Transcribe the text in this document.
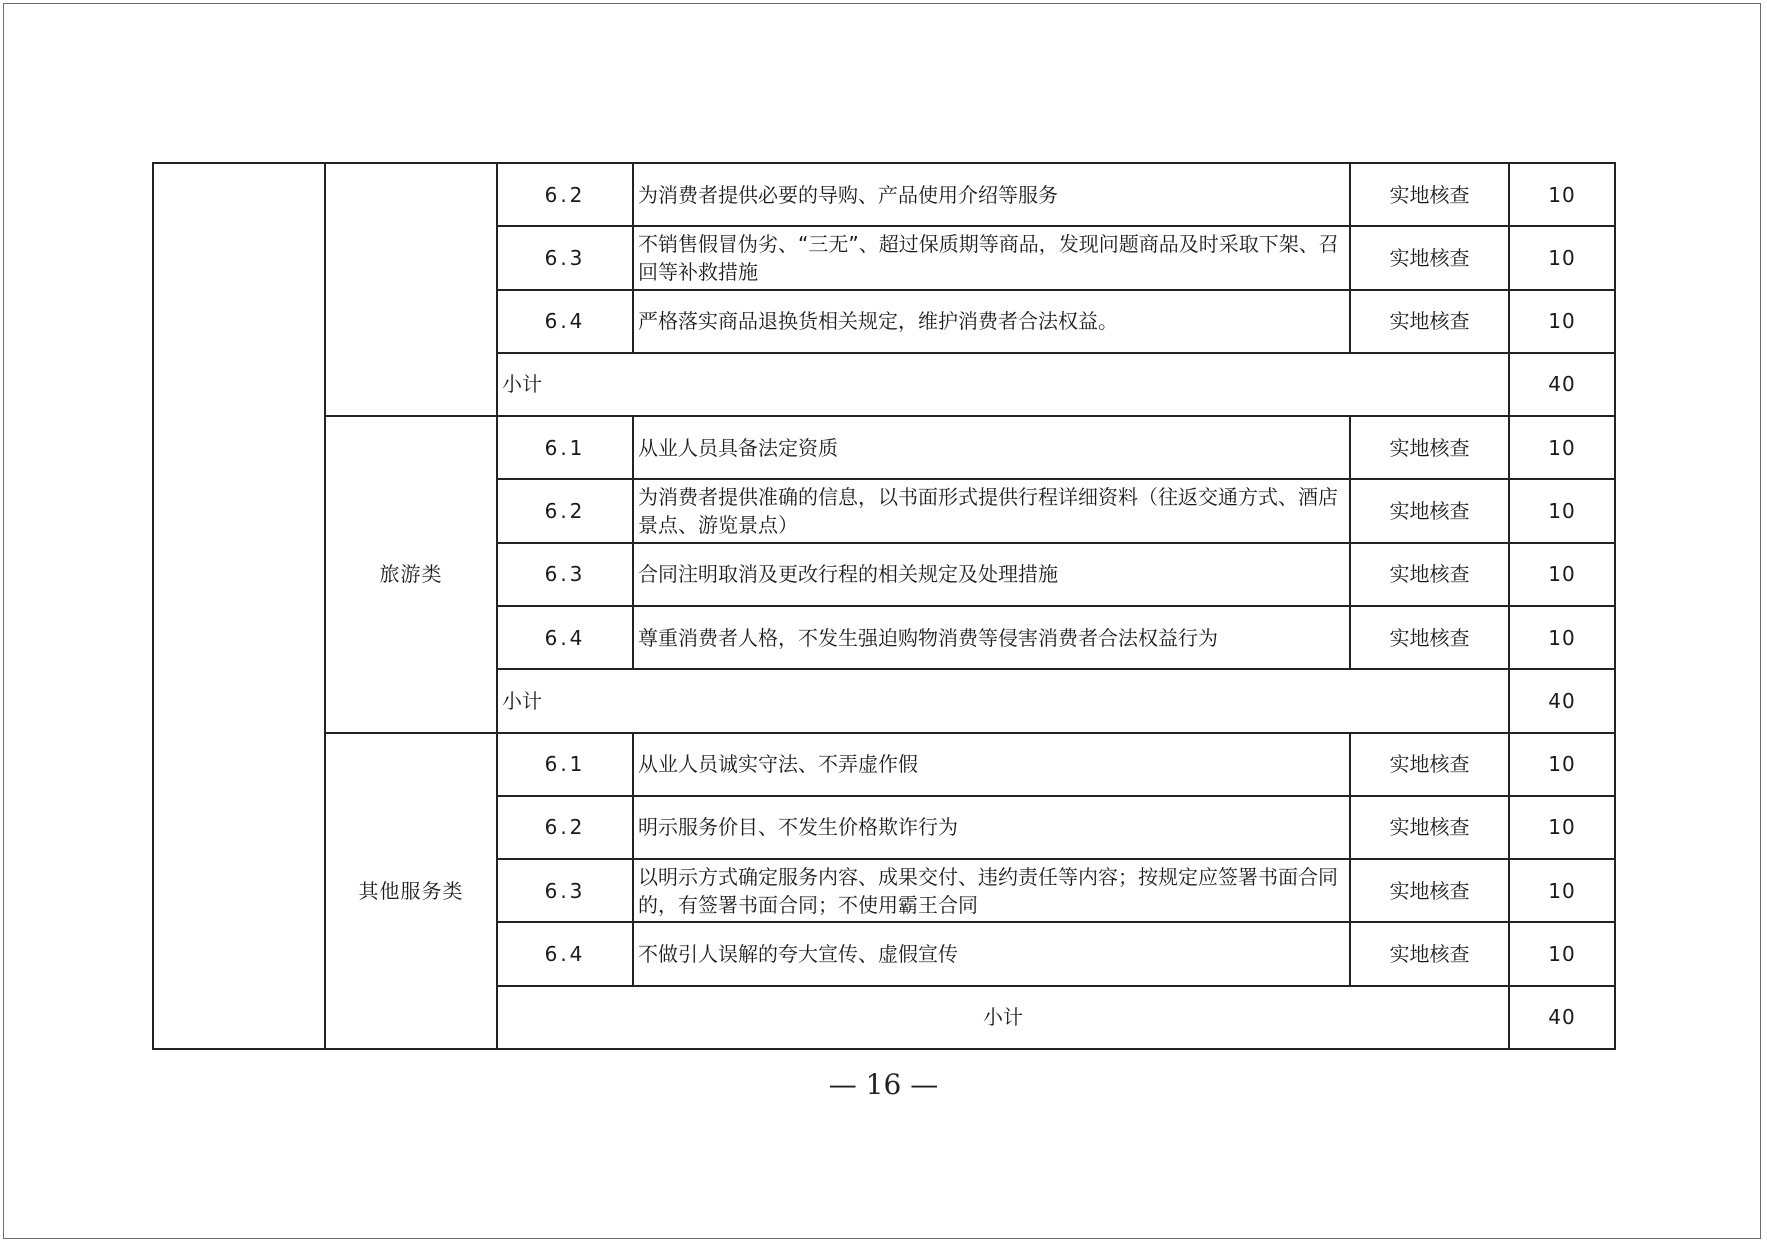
		6.2	为消费者提供必要的导购、产品使用介绍等服务	实地核查	10
		6.3	不销售假冒伪劣、“三无”、超过保质期等商品，发现问题商品及时采取下架、召回等补救措施	实地核查	10
		6.4	严格落实商品退换货相关规定，维护消费者合法权益。	实地核查	10
		小计			40
	旅游类	6.1	从业人员具备法定资质	实地核查	10
		6.2	为消费者提供准确的信息，以书面形式提供行程详细资料（往返交通方式、酒店景点、游览景点）	实地核查	10
		6.3	合同注明取消及更改行程的相关规定及处理措施	实地核查	10
		6.4	尊重消费者人格，不发生强迫购物消费等侵害消费者合法权益行为	实地核查	10
		小计			40
	其他服务类	6.1	从业人员诚实守法、不弄虚作假	实地核查	10
		6.2	明示服务价目、不发生价格欺诈行为	实地核查	10
		6.3	以明示方式确定服务内容、成果交付、违约责任等内容；按规定应签署书面合同的，有签署书面合同；不使用霸王合同	实地核查	10
		6.4	不做引人误解的夸大宣传、虚假宣传	实地核查	10
		小计			40
— 16 —
